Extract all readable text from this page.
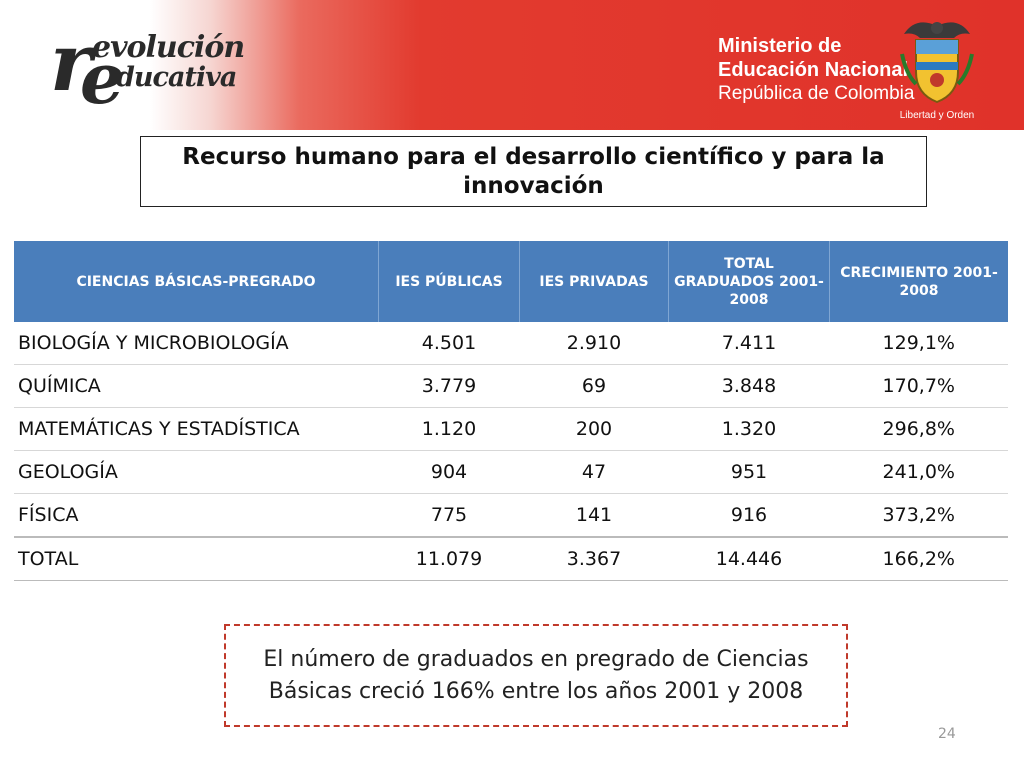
r
e
evolución
ducativa
Ministerio de
Educación Nacional
República de Colombia
Libertad y Orden
Recurso humano para el desarrollo científico y para la innovación
CIENCIAS BÁSICAS-PREGRADO	IES PÚBLICAS	IES PRIVADAS	TOTAL GRADUADOS 2001-2008	CRECIMIENTO 2001-2008
BIOLOGÍA Y MICROBIOLOGÍA	4.501	2.910	7.411	129,1%
QUÍMICA	3.779	69	3.848	170,7%
MATEMÁTICAS Y ESTADÍSTICA	1.120	200	1.320	296,8%
GEOLOGÍA	904	47	951	241,0%
FÍSICA	775	141	916	373,2%
TOTAL	11.079	3.367	14.446	166,2%
El número de graduados en pregrado de Ciencias Básicas creció 166% entre los años 2001 y 2008
24
